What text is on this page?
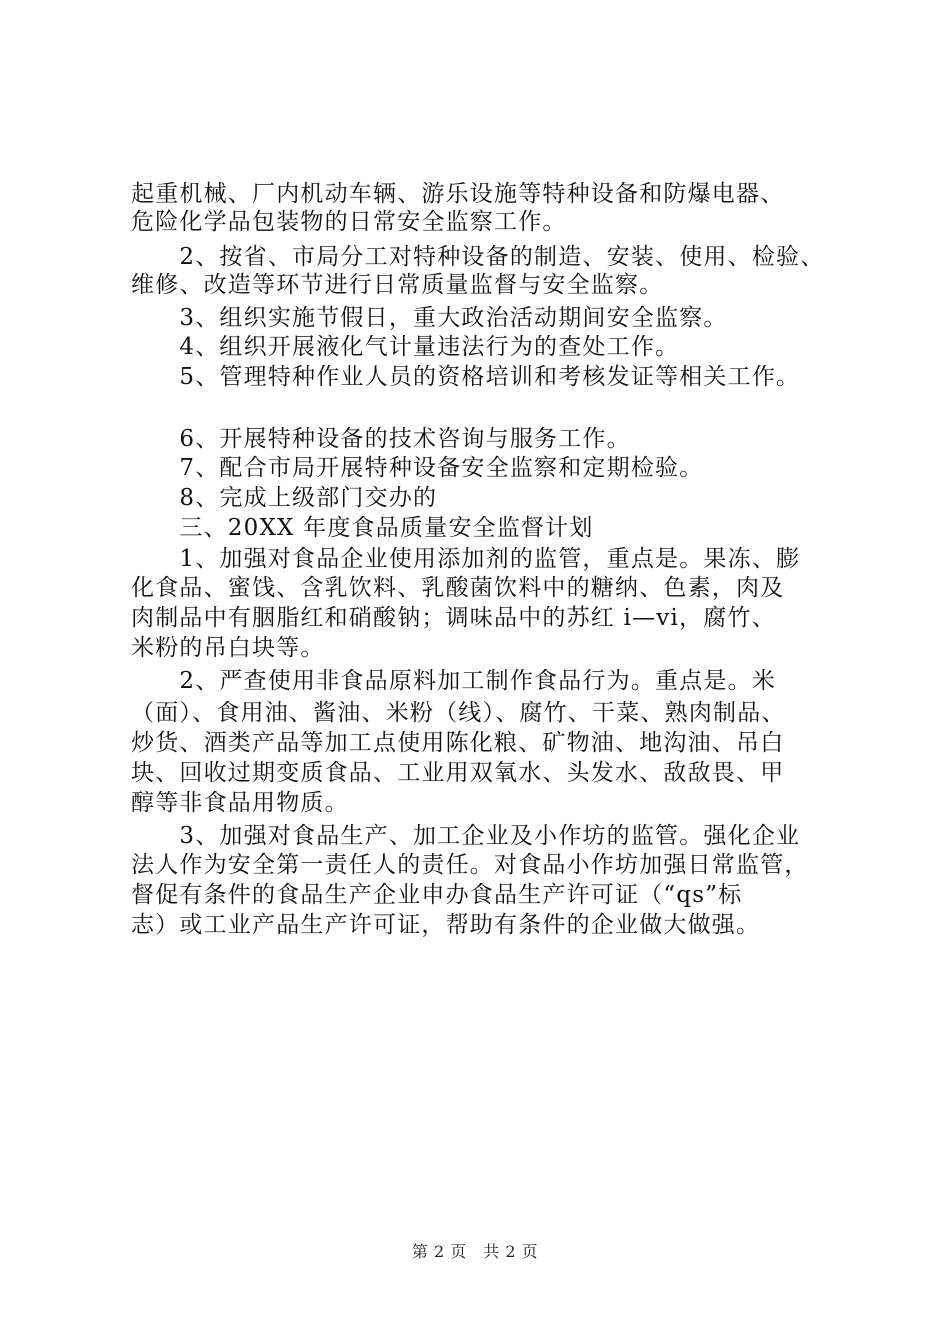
起重机械、厂内机动车辆、游乐设施等特种设备和防爆电器、
危险化学品包装物的日常安全监察工作。
　　2、按省、市局分工对特种设备的制造、安装、使用、检验、
维修、改造等环节进行日常质量监督与安全监察。
　　3、组织实施节假日，重大政治活动期间安全监察。
　　4、组织开展液化气计量违法行为的查处工作。
　　5、管理特种作业人员的资格培训和考核发证等相关工作。
　　6、开展特种设备的技术咨询与服务工作。
　　7、配合市局开展特种设备安全监察和定期检验。
　　8、完成上级部门交办的
　　三、20XX 年度食品质量安全监督计划
　　1、加强对食品企业使用添加剂的监管，重点是。果冻、膨
化食品、蜜饯、含乳饮料、乳酸菌饮料中的糖纳、色素，肉及
肉制品中有胭脂红和硝酸钠；调味品中的苏红 i—vi，腐竹、
米粉的吊白块等。
　　2、严查使用非食品原料加工制作食品行为。重点是。米
（面）、食用油、酱油、米粉（线）、腐竹、干菜、熟肉制品、
炒货、酒类产品等加工点使用陈化粮、矿物油、地沟油、吊白
块、回收过期变质食品、工业用双氧水、头发水、敌敌畏、甲
醇等非食品用物质。
　　3、加强对食品生产、加工企业及小作坊的监管。强化企业
法人作为安全第一责任人的责任。对食品小作坊加强日常监管，
督促有条件的食品生产企业申办食品生产许可证（“qs”标
志）或工业产品生产许可证，帮助有条件的企业做大做强。
第 2 页　共 2 页
